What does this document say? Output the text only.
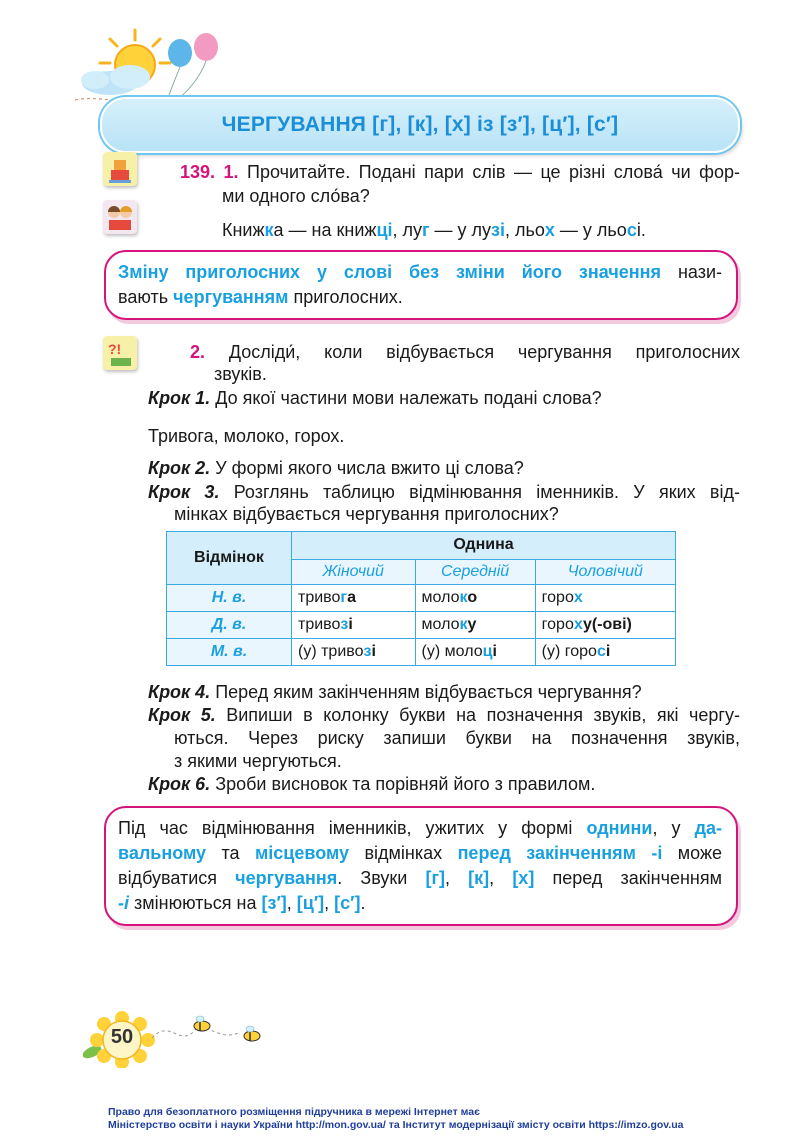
ЧЕРГУВАННЯ [г], [к], [х] із [з′], [ц′], [с′]
?!
139. 1. Прочитайте. Подані пари слів — це різні слова́ чи фор-
ми одного сло́ва?
Книжка — на книжці, луг — у лузі, льох — у льосі.
Зміну приголосних у слові без зміни його значення нази-
вають чергуванням приголосних.
2. Досліди́, коли відбувається чергування приголосних
звуків.
Крок 1. До якої частини мови належать подані слова?
Тривога, молоко, горох.
Крок 2. У формі якого числа вжито ці слова?
Крок 3. Розглянь таблицю відмінювання іменників. У яких від-
мінках відбувається чергування приголосних?
Відмінок	Однина		
	Жіночий	Середній	Чоловічий
Н. в.	тривога	молоко	горох
Д. в.	тривозі	молоку	гороху(-ові)
М. в.	(у) тривозі	(у) молоці	(у) горосі
Крок 4. Перед яким закінченням відбувається чергування?
Крок 5. Випиши в колонку букви на позначення звуків, які чергу-
ються. Через риску запиши букви на позначення звуків,
з якими чергуються.
Крок 6. Зроби висновок та порівняй його з правилом.
Під час відмінювання іменників, ужитих у формі однини, у да-
вальному та місцевому відмінках перед закінченням -і може
відбуватися чергування. Звуки [г], [к], [х] перед закінченням
-і змінюються на [з′], [ц′], [с′].
50
Право для безоплатного розміщення підручника в мережі Інтернет має
Міністерство освіти і науки України http://mon.gov.ua/ та Інститут модернізації змісту освіти https://imzo.gov.ua
